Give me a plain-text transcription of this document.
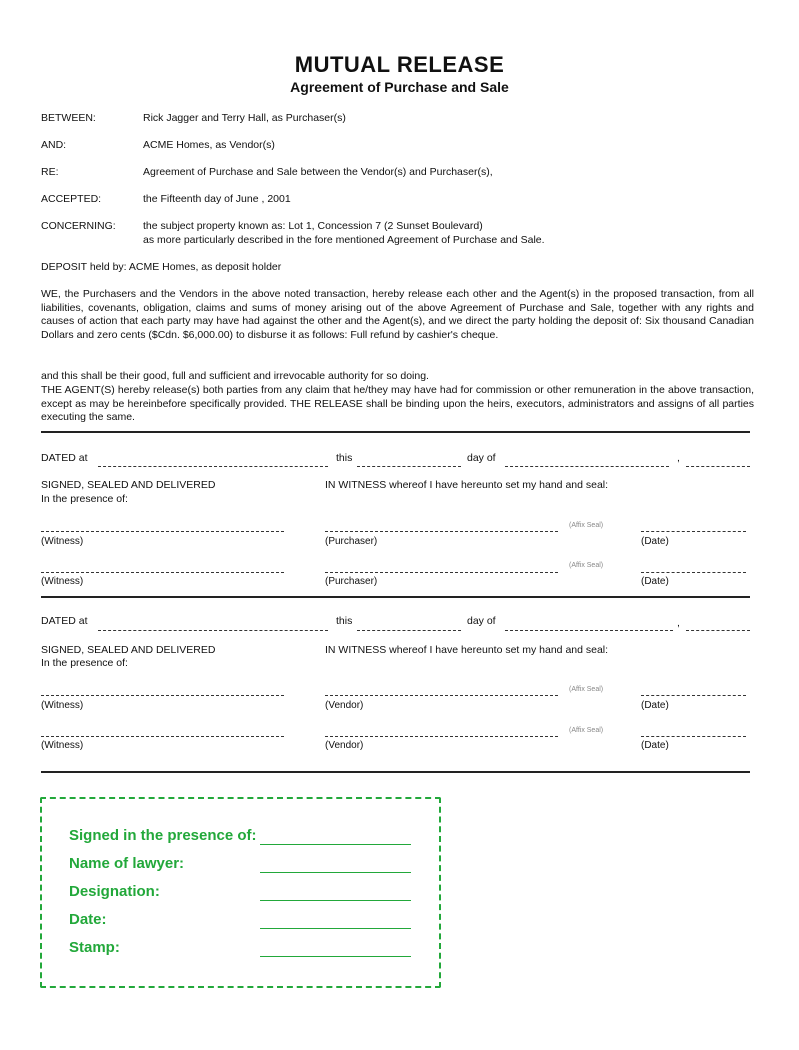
MUTUAL RELEASE
Agreement of Purchase and Sale
BETWEEN:	Rick Jagger and Terry Hall, as Purchaser(s)
AND:	ACME Homes, as Vendor(s)
RE:	Agreement of Purchase and Sale between the Vendor(s) and Purchaser(s),
ACCEPTED:	the Fifteenth day of June , 2001
CONCERNING:	the subject property known as: Lot 1, Concession 7 (2 Sunset Boulevard)
as more particularly described in the fore mentioned Agreement of Purchase and Sale.
DEPOSIT held by: ACME Homes, as deposit holder
WE, the Purchasers and the Vendors in the above noted transaction, hereby release each other and the Agent(s) in the proposed transaction, from all liabilities, covenants, obligation, claims and sums of money arising out of the above Agreement of Purchase and Sale, together with any rights and causes of action that each party may have had against the other and the Agent(s), and we direct the party holding the deposit of: Six thousand Canadian Dollars and zero cents ($Cdn. $6,000.00) to disburse it as follows: Full refund by cashier's cheque.
and this shall be their good, full and sufficient and irrevocable authority for so doing.
THE AGENT(S) hereby release(s) both parties from any claim that he/they may have had for commission or other remuneration in the above transaction, except as may be hereinbefore specifically provided. THE RELEASE shall be binding upon the heirs, executors, administrators and assigns of all parties executing the same.
DATED at	this	day of	,
SIGNED, SEALED AND DELIVERED
In the presence of:
IN WITNESS whereof I have hereunto set my hand and seal:
(Affix Seal)
(Witness)	(Purchaser)	(Date)
(Affix Seal)
(Witness)	(Purchaser)	(Date)
DATED at	this	day of	,
SIGNED, SEALED AND DELIVERED
In the presence of:
IN WITNESS whereof I have hereunto set my hand and seal:
(Affix Seal)
(Witness)	(Vendor)	(Date)
(Affix Seal)
(Witness)	(Vendor)	(Date)
Signed in the presence of:
Name of lawyer:
Designation:
Date:
Stamp:
